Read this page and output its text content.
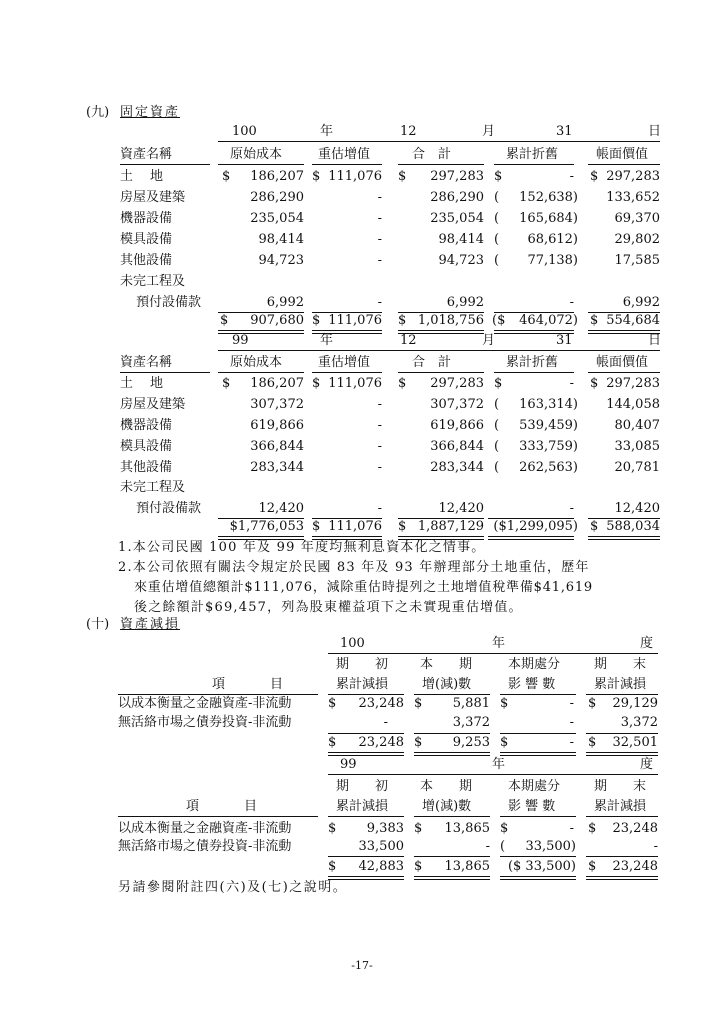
(九) 固定資產
100	年	12	月	31	日
資產名稱	原始成本	重估增值	合　計	累計折舊	帳面價值
土　地	$	186,207 $ 111,076 $	297,283 $	- $ 297,283
房屋及建築	286,290	-	286,290 (	152,638)	133,652
機器設備	235,054	-	235,054 (	165,684)	69,370
模具設備	98,414	-	98,414 (	68,612)	29,802
其他設備	94,723	-	94,723 (	77,138)	17,585
未完工程及
預付設備款	6,992	-	6,992	-	6,992
$	907,680 $ 111,076 $ 1,018,756 ($	464,072) $ 554,684
99	年	12	月	31	日
資產名稱	原始成本	重估增值	合　計	累計折舊	帳面價值
土　地	$	186,207 $ 111,076 $	297,283 $	- $ 297,283
房屋及建築	307,372	-	307,372 (	163,314)	144,058
機器設備	619,866	-	619,866 (	539,459)	80,407
模具設備	366,844	-	366,844 (	333,759)	33,085
其他設備	283,344	-	283,344 (	262,563)	20,781
未完工程及
預付設備款	12,420	-	12,420	-	12,420
$1,776,053 $ 111,076 $ 1,887,129 ($1,299,095) $ 588,034
1.本公司民國 100 年及 99 年度均無利息資本化之情事。
2.本公司依照有關法令規定於民國 83 年及 93 年辦理部分土地重估，歷年
來重估增值總額計$111,076，減除重估時提列之土地增值稅準備$41,619
後之餘額計$69,457，列為股東權益項下之未實現重估增值。
(十) 資產減損
100	年	度
期　　初 本　　期	本期處分	期　　末
項	目	累計減損	增(減)數	影 響 數	累計減損
以成本衡量之金融資產-非流動	$	23,248 $	5,881 $	- $	29,129
無活絡市場之債券投資-非流動	-	3,372	-	3,372
$	23,248 $	9,253 $	- $	32,501
99	年	度
期　　初 本　　期	本期處分	期　　末
項	目	累計減損	增(減)數	影 響 數	累計減損
以成本衡量之金融資產-非流動	$	9,383 $	13,865 $	- $	23,248
無活絡市場之債券投資-非流動	33,500	- (	33,500)	-
$	42,883 $	13,865	($ 33,500) $	23,248
另請參閱附註四(六)及(七)之說明。
-17-
